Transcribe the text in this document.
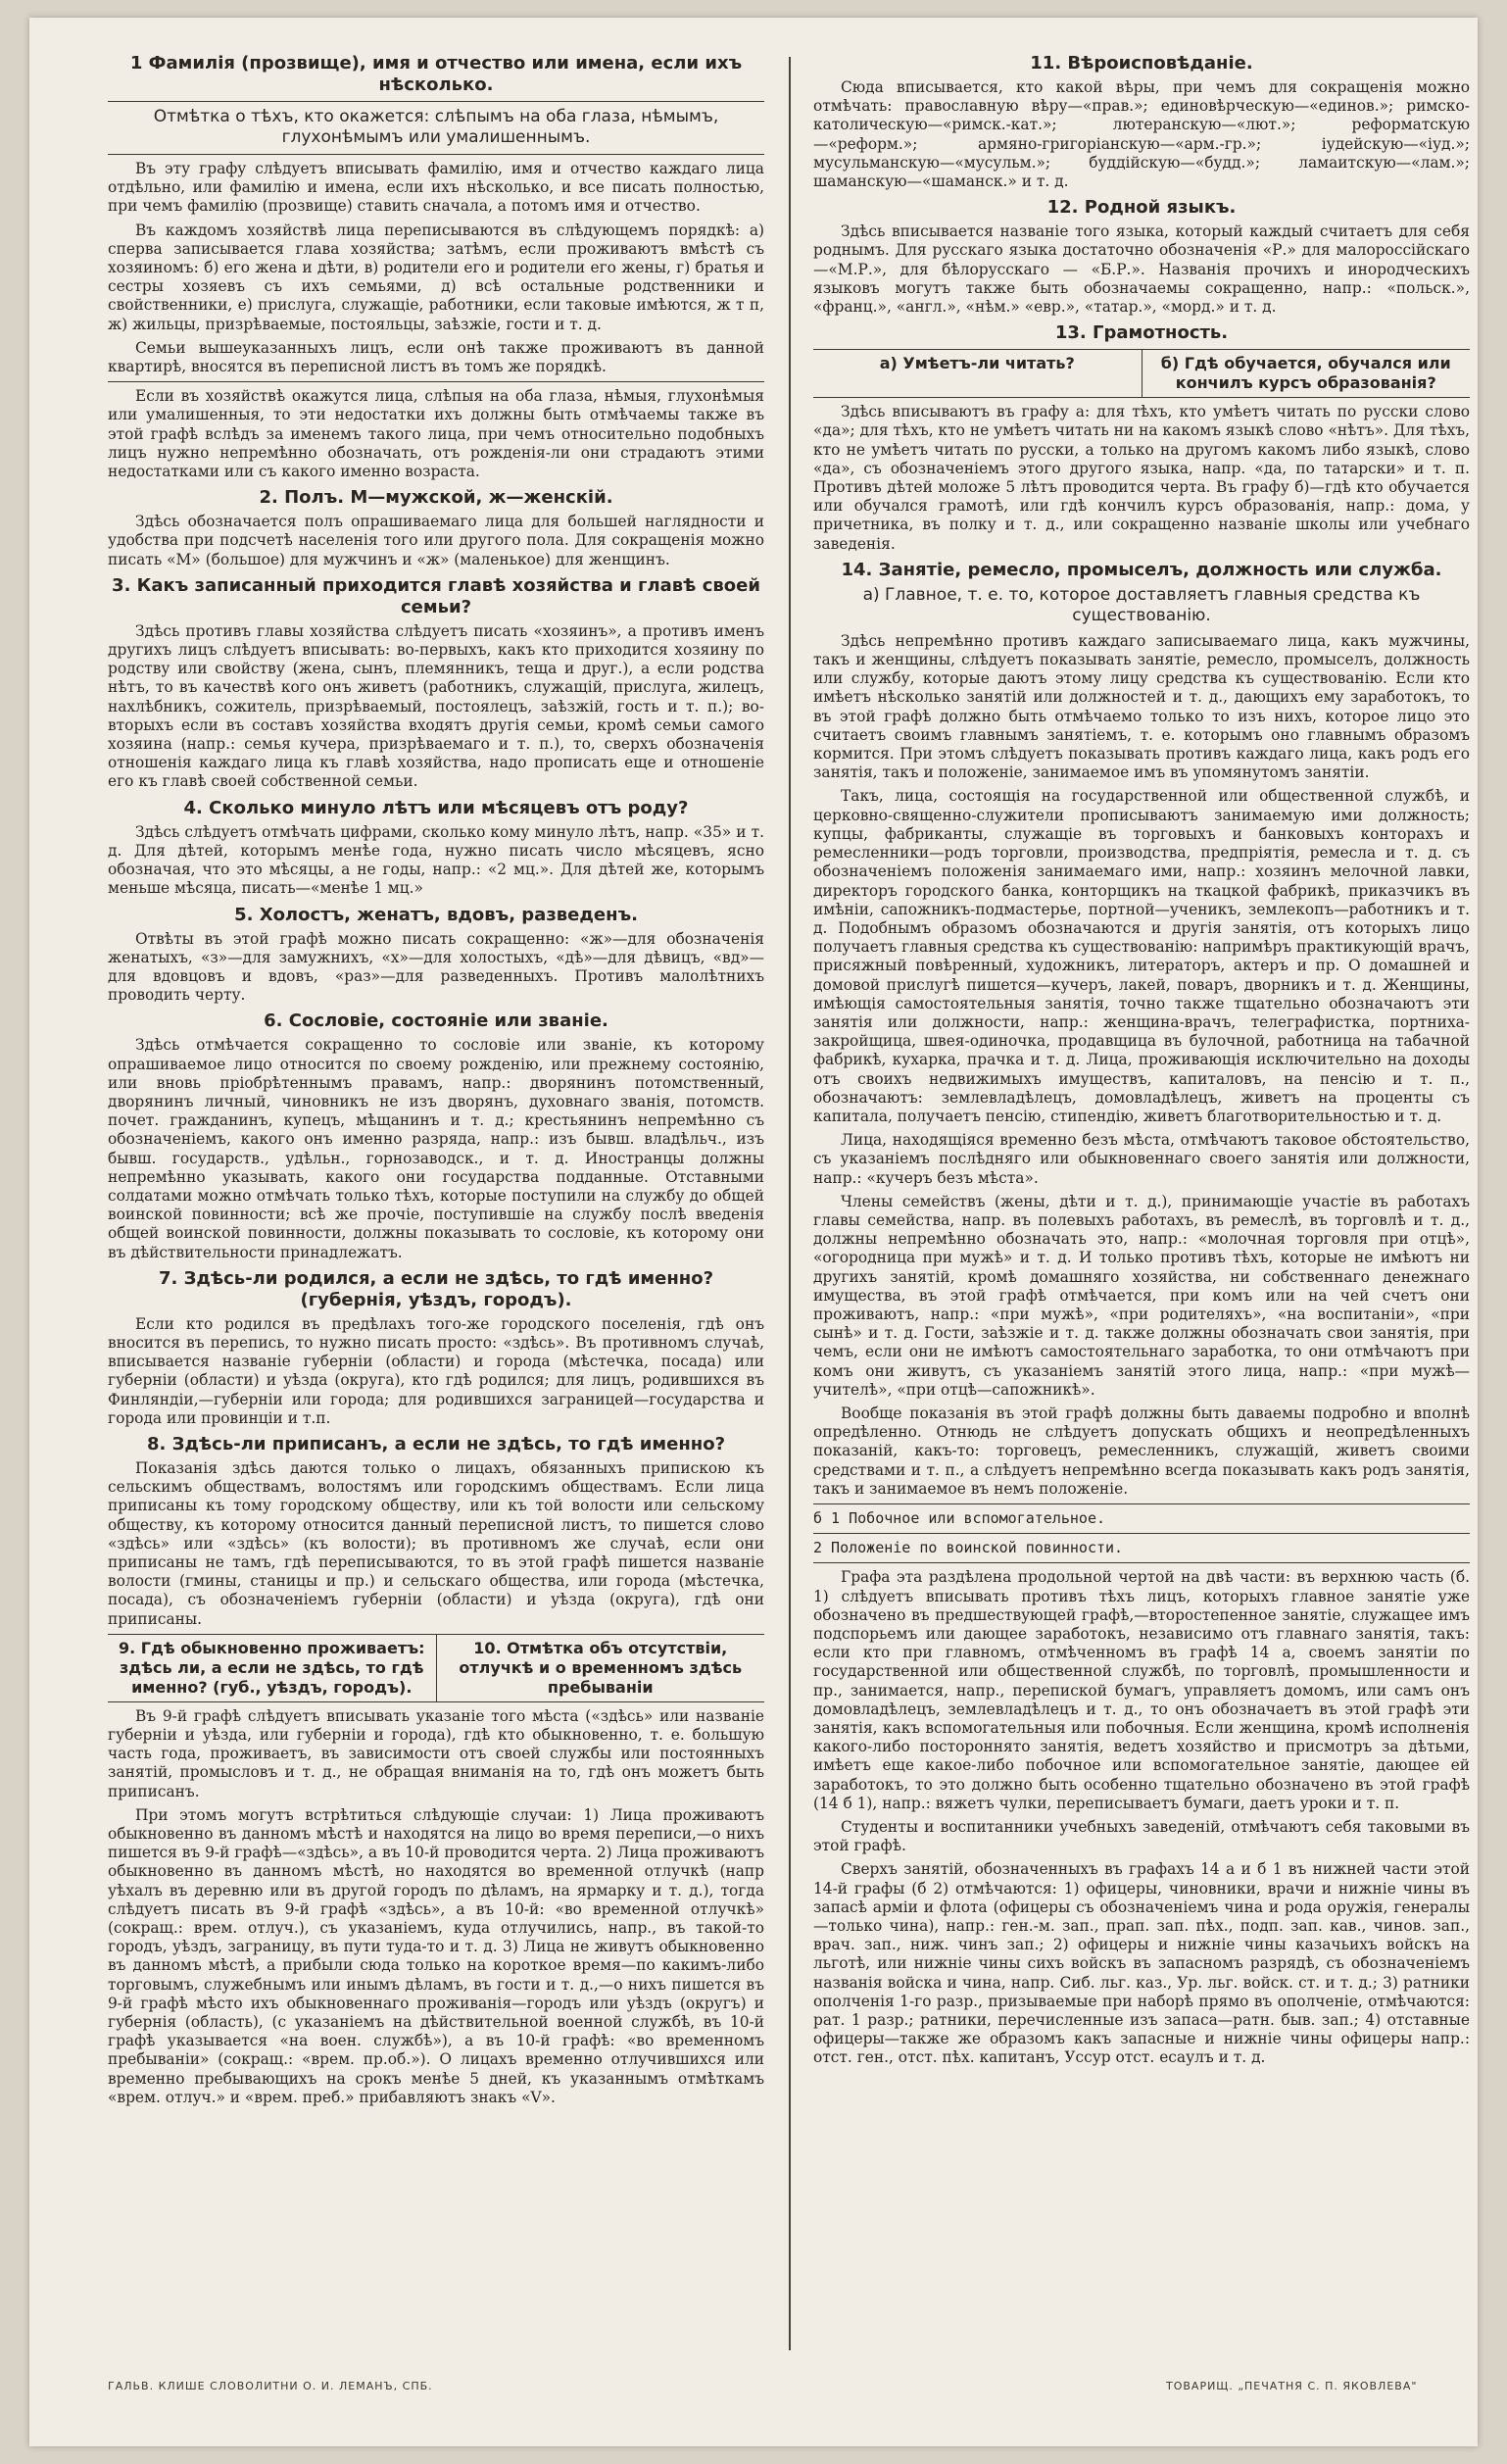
1 Фамилія (прозвище), имя и отчество или имена, если ихъ нѣсколько.
Отмѣтка о тѣхъ, кто окажется: слѣпымъ на оба глаза, нѣмымъ, глухонѣмымъ или умалишеннымъ.

Въ эту графу слѣдуетъ вписывать фамилію, имя и отчество каждаго лица отдѣльно, или фамилію и имена, если ихъ нѣсколько, и все писать полностью, при чемъ фамилію (прозвище) ставить сначала, а потомъ имя и отчество.

Въ каждомъ хозяйствѣ лица переписываются въ слѣдующемъ порядкѣ: а) сперва записывается глава хозяйства; затѣмъ, если проживаютъ вмѣстѣ съ хозяиномъ: б) его жена и дѣти, в) родители его и родители его жены, г) братья и сестры хозяевъ съ ихъ семьями, д) всѣ остальные родственники и свойственники, е) прислуга, служащіе, работники, если таковые имѣются, ж т п, ж) жильцы, призрѣваемые, постояльцы, заѣзжіе, гости и т. д.

Семьи вышеуказанныхъ лицъ, если онѣ также проживаютъ въ данной квартирѣ, вносятся въ переписной листъ въ томъ же порядкѣ.

Если въ хозяйствѣ окажутся лица, слѣпыя на оба глаза, нѣмыя, глухонѣмыя или умалишенныя, то эти недостатки ихъ должны быть отмѣчаемы также въ этой графѣ вслѣдъ за именемъ такого лица, при чемъ относительно подобныхъ лицъ нужно непремѣнно обозначать, отъ рожденія-ли они страдаютъ этими недостатками или съ какого именно возраста.

2. Полъ. М—мужской, ж—женскій.

Здѣсь обозначается полъ опрашиваемаго лица для большей наглядности и удобства при подсчетѣ населенія того или другого пола. Для сокращенія можно писать «М» (большое) для мужчинъ и «ж» (маленькое) для женщинъ.

3. Какъ записанный приходится главѣ хозяйства и главѣ своей семьи?

Здѣсь противъ главы хозяйства слѣдуетъ писать «хозяинъ», а противъ именъ другихъ лицъ слѣдуетъ вписывать: во-первыхъ, какъ кто приходится хозяину по родству или свойству (жена, сынъ, племянникъ, теща и друг.), а если родства нѣтъ, то въ качествѣ кого онъ живетъ (работникъ, служащій, прислуга, жилецъ, нахлѣбникъ, сожитель, призрѣваемый, постоялецъ, заѣзжій, гость и т. п.); во-вторыхъ если въ составъ хозяйства входятъ другія семьи, кромѣ семьи самого хозяина (напр.: семья кучера, призрѣваемаго и т. п.), то, сверхъ обозначенія отношенія каждаго лица къ главѣ хозяйства, надо прописать еще и отношеніе его къ главѣ своей собственной семьи.

4. Сколько минуло лѣтъ или мѣсяцевъ отъ роду?

Здѣсь слѣдуетъ отмѣчать цифрами, сколько кому минуло лѣтъ, напр. «35» и т. д. Для дѣтей, которымъ менѣе года, нужно писать число мѣсяцевъ, ясно обозначая, что это мѣсяцы, а не годы, напр.: «2 мц.». Для дѣтей же, которымъ меньше мѣсяца, писать—«менѣе 1 мц.»

5. Холостъ, женатъ, вдовъ, разведенъ.

Отвѣты въ этой графѣ можно писать сокращенно: «ж»—для обозначенія женатыхъ, «з»—для замужнихъ, «х»—для холостыхъ, «дѣ»—для дѣвицъ, «вд»—для вдовцовъ и вдовъ, «раз»—для разведенныхъ. Противъ малолѣтнихъ проводить черту.

6. Сословіе, состояніе или званіе.

Здѣсь отмѣчается сокращенно то сословіе или званіе, къ которому опрашиваемое лицо относится по своему рожденію, или прежнему состоянію, или вновь пріобрѣтеннымъ правамъ, напр.: дворянинъ потомственный, дворянинъ личный, чиновникъ не изъ дворянъ, духовнаго званія, потомств. почет. гражданинъ, купецъ, мѣщанинъ и т. д.; крестьянинъ непремѣнно съ обозначеніемъ, какого онъ именно разряда, напр.: изъ бывш. владѣльч., изъ бывш. государств., удѣльн., горнозаводск., и т. д. Иностранцы должны непремѣнно указывать, какого они государства подданные. Отставными солдатами можно отмѣчать только тѣхъ, которые поступили на службу до общей воинской повинности; всѣ же прочіе, поступившіе на службу послѣ введенія общей воинской повинности, должны показывать то сословіе, къ которому они въ дѣйствительности принадлежатъ.

7. Здѣсь-ли родился, а если не здѣсь, то гдѣ именно? (губернія, уѣздъ, городъ).

Если кто родился въ предѣлахъ того-же городского поселенія, гдѣ онъ вносится въ перепись, то нужно писать просто: «здѣсь». Въ противномъ случаѣ, вписывается названіе губерніи (области) и города (мѣстечка, посада) или губерніи (области) и уѣзда (округа), кто гдѣ родился; для лицъ, родившихся въ Финляндіи,—губерніи или города; для родившихся заграницей—государства и города или провинціи и т.п.

8. Здѣсь-ли приписанъ, а если не здѣсь, то гдѣ именно?

Показанія здѣсь даются только о лицахъ, обязанныхъ припискою къ сельскимъ обществамъ, волостямъ или городскимъ обществамъ. Если лица приписаны къ тому городскому обществу, или къ той волости или сельскому обществу, къ которому относится данный переписной листъ, то пишется слово «здѣсь» или «здѣсь» (къ волости); въ противномъ же случаѣ, если они приписаны не тамъ, гдѣ переписываются, то въ этой графѣ пишется названіе волости (гмины, станицы и пр.) и сельскаго общества, или города (мѣстечка, посада), съ обозначеніемъ губерніи (области) и уѣзда (округа), гдѣ они приписаны.

9. Гдѣ обыкновенно проживаетъ: здѣсь ли, а если не здѣсь, то гдѣ именно? (губ., уѣздъ, городъ).
10. Отмѣтка объ отсутствіи, отлучкѣ и о временномъ здѣсь пребываніи

Въ 9-й графѣ слѣдуетъ вписывать указаніе того мѣста («здѣсь» или названіе губерніи и уѣзда, или губерніи и города), гдѣ кто обыкновенно, т. е. большую часть года, проживаетъ, въ зависимости отъ своей службы или постоянныхъ занятій, промысловъ и т. д., не обращая вниманія на то, гдѣ онъ можетъ быть приписанъ.

При этомъ могутъ встрѣтиться слѣдующіе случаи: 1) Лица проживаютъ обыкновенно въ данномъ мѣстѣ и находятся на лицо во время переписи,—о нихъ пишется въ 9-й графѣ—«здѣсь», а въ 10-й проводится черта. 2) Лица проживаютъ обыкновенно въ данномъ мѣстѣ, но находятся во временной отлучкѣ (напр уѣхалъ въ деревню или въ другой городъ по дѣламъ, на ярмарку и т. д.), тогда слѣдуетъ писать въ 9-й графѣ «здѣсь», а въ 10-й: «во временной отлучкѣ» (сокращ.: врем. отлуч.), съ указаніемъ, куда отлучились, напр., въ такой-то городъ, уѣздъ, заграницу, въ пути туда-то и т. д. 3) Лица не живутъ обыкновенно въ данномъ мѣстѣ, а прибыли сюда только на короткое время—по какимъ-либо торговымъ, служебнымъ или инымъ дѣламъ, въ гости и т. д.,—о нихъ пишется въ 9-й графѣ мѣсто ихъ обыкновеннаго проживанія—городъ или уѣздъ (округъ) и губернія (область), (с указаніемъ на дѣйствительной военной службѣ, въ 10-й графѣ указывается «на воен. службѣ»), а въ 10-й графѣ: «во временномъ пребываніи» (сокращ.: «врем. пр.об.»). О лицахъ временно отлучившихся или временно пребывающихъ на срокъ менѣе 5 дней, къ указаннымъ отмѣткамъ «врем. отлуч.» и «врем. преб.» прибавляютъ знакъ «V».

11. Вѣроисповѣданіе.

Сюда вписывается, кто какой вѣры, при чемъ для сокращенія можно отмѣчать: православную вѣру—«прав.»; единовѣрческую—«единов.»; римско-католическую—«римск.-кат.»; лютеранскую—«лют.»; реформатскую—«реформ.»; армяно-григоріанскую—«арм.-гр.»; іудейскую—«іуд.»; мусульманскую—«мусульм.»; буддійскую—«будд.»; ламаитскую—«лам.»; шаманскую—«шаманск.» и т. д.

12. Родной языкъ.

Здѣсь вписывается названіе того языка, который каждый считаетъ для себя роднымъ. Для русскаго языка достаточно обозначенія «Р.» для малороссійскаго—«М.Р.», для бѣлорусскаго — «Б.Р.». Названія прочихъ и инородческихъ языковъ могутъ также быть обозначаемы сокращенно, напр.: «польск.», «франц.», «англ.», «нѣм.» «евр.», «татар.», «морд.» и т. д.

13. Грамотность.
а) Умѣетъ-ли читать?	б) Гдѣ обучается, обучался или кончилъ курсъ образованія?

Здѣсь вписываютъ въ графу а: для тѣхъ, кто умѣетъ читать по русски слово «да»; для тѣхъ, кто не умѣетъ читать ни на какомъ языкѣ слово «нѣтъ». Для тѣхъ, кто не умѣетъ читать по русски, а только на другомъ какомъ либо языкѣ, слово «да», съ обозначеніемъ этого другого языка, напр. «да, по татарски» и т. п. Противъ дѣтей моложе 5 лѣтъ проводится черта. Въ графу б)—гдѣ кто обучается или обучался грамотѣ, или гдѣ кончилъ курсъ образованія, напр.: дома, у причетника, въ полку и т. д., или сокращенно названіе школы или учебнаго заведенія.

14. Занятіе, ремесло, промыселъ, должность или служба.
а) Главное, т. е. то, которое доставляетъ главныя средства къ существованію.

Здѣсь непремѣнно противъ каждаго записываемаго лица, какъ мужчины, такъ и женщины, слѣдуетъ показывать занятіе, ремесло, промыселъ, должность или службу, которые даютъ этому лицу средства къ существованію. Если кто имѣетъ нѣсколько занятій или должностей и т. д., дающихъ ему заработокъ, то въ этой графѣ должно быть отмѣчаемо только то изъ нихъ, которое лицо это считаетъ своимъ главнымъ занятіемъ, т. е. которымъ оно главнымъ образомъ кормится. При этомъ слѣдуетъ показывать противъ каждаго лица, какъ родъ его занятія, такъ и положеніе, занимаемое имъ въ упомянутомъ занятіи.

Такъ, лица, состоящія на государственной или общественной службѣ, и церковно-священно-служители прописываютъ занимаемую ими должность; купцы, фабриканты, служащіе въ торговыхъ и банковыхъ конторахъ и ремесленники—родъ торговли, производства, предпріятія, ремесла и т. д. съ обозначеніемъ положенія занимаемаго ими, напр.: хозяинъ мелочной лавки, директоръ городского банка, конторщикъ на ткацкой фабрикѣ, приказчикъ въ имѣніи, сапожникъ-подмастерье, портной—ученикъ, землекопъ—работникъ и т. д. Подобнымъ образомъ обозначаются и другія занятія, отъ которыхъ лицо получаетъ главныя средства къ существованію: напримѣръ практикующій врачъ, присяжный повѣренный, художникъ, литераторъ, актеръ и пр. О домашней и домовой прислугѣ пишется—кучеръ, лакей, поваръ, дворникъ и т. д. Женщины, имѣющія самостоятельныя занятія, точно также тщательно обозначаютъ эти занятія или должности, напр.: женщина-врачъ, телеграфистка, портниха-закройщица, швея-одиночка, продавщица въ булочной, работница на табачной фабрикѣ, кухарка, прачка и т. д. Лица, проживающія исключительно на доходы отъ своихъ недвижимыхъ имуществъ, капиталовъ, на пенсію и т. п., обозначаютъ: землевладѣлецъ, домовладѣлецъ, живетъ на проценты съ капитала, получаетъ пенсію, стипендію, живетъ благотворительностью и т. д.

Лица, находящіяся временно безъ мѣста, отмѣчаютъ таковое обстоятельство, съ указаніемъ послѣдняго или обыкновеннаго своего занятія или должности, напр.: «кучеръ безъ мѣста».

Члены семействъ (жены, дѣти и т. д.), принимающіе участіе въ работахъ главы семейства, напр. въ полевыхъ работахъ, въ ремеслѣ, въ торговлѣ и т. д., должны непремѣнно обозначать это, напр.: «молочная торговля при отцѣ», «огородница при мужѣ» и т. д. И только противъ тѣхъ, которые не имѣютъ ни другихъ занятій, кромѣ домашняго хозяйства, ни собственнаго денежнаго имущества, въ этой графѣ отмѣчается, при комъ или на чей счетъ они проживаютъ, напр.: «при мужѣ», «при родителяхъ», «на воспитаніи», «при сынѣ» и т. д. Гости, заѣзжіе и т. д. также должны обозначать свои занятія, при чемъ, если они не имѣютъ самостоятельнаго заработка, то они отмѣчаютъ при комъ они живутъ, съ указаніемъ занятій этого лица, напр.: «при мужѣ—учителѣ», «при отцѣ—сапожникѣ».

Вообще показанія въ этой графѣ должны быть даваемы подробно и вполнѣ опредѣленно. Отнюдь не слѣдуетъ допускать общихъ и неопредѣленныхъ показаній, какъ-то: торговецъ, ремесленникъ, служащій, живетъ своими средствами и т. п., а слѣдуетъ непремѣнно всегда показывать какъ родъ занятія, такъ и занимаемое въ немъ положеніе.

б 1 Побочное или вспомогательное.
2 Положеніе по воинской повинности.

Графа эта раздѣлена продольной чертой на двѣ части: въ верхнюю часть (б. 1) слѣдуетъ вписывать противъ тѣхъ лицъ, которыхъ главное занятіе уже обозначено въ предшествующей графѣ,—второстепенное занятіе, служащее имъ подспорьемъ или дающее заработокъ, независимо отъ главнаго занятія, такъ: если кто при главномъ, отмѣченномъ въ графѣ 14 а, своемъ занятіи по государственной или общественной службѣ, по торговлѣ, промышленности и пр., занимается, напр., перепиской бумагъ, управляетъ домомъ, или самъ онъ домовладѣлецъ, землевладѣлецъ и т. д., то онъ обозначаетъ въ этой графѣ эти занятія, какъ вспомогательныя или побочныя. Если женщина, кромѣ исполненія какого-либо постороннято занятія, ведетъ хозяйство и присмотръ за дѣтьми, имѣетъ еще какое-либо побочное или вспомогательное занятіе, дающее ей заработокъ, то это должно быть особенно тщательно обозначено въ этой графѣ (14 б 1), напр.: вяжетъ чулки, переписываетъ бумаги, даетъ уроки и т. п.

Студенты и воспитанники учебныхъ заведеній, отмѣчаютъ себя таковыми въ этой графѣ.

Сверхъ занятій, обозначенныхъ въ графахъ 14 а и б 1 въ нижней части этой 14-й графы (б 2) отмѣчаются: 1) офицеры, чиновники, врачи и нижніе чины въ запасѣ арміи и флота (офицеры съ обозначеніемъ чина и рода оружія, генералы—только чина), напр.: ген.-м. зап., прап. зап. пѣх., подп. зап. кав., чинов. зап., врач. зап., ниж. чинъ зап.; 2) офицеры и нижніе чины казачьихъ войскъ на льготѣ, или нижніе чины сихъ войскъ въ запасномъ разрядѣ, съ обозначеніемъ названія войска и чина, напр. Сиб. льг. каз., Ур. льг. войск. ст. и т. д.; 3) ратники ополченія 1-го разр., призываемые при наборѣ прямо въ ополченіе, отмѣчаются: рат. 1 разр.; ратники, перечисленные изъ запаса—ратн. быв. зап.; 4) отставные офицеры—также же образомъ какъ запасные и нижніе чины офицеры напр.: отст. ген., отст. пѣх. капитанъ, Уссур отст. есаулъ и т. д.

ГАЛЬВ. КЛИШЕ СЛОВОЛИТНИ О. И. ЛЕМАНЪ, СПБ.	ТОВАРИЩ. „ПЕЧАТНЯ С. П. ЯКОВЛЕВА"
